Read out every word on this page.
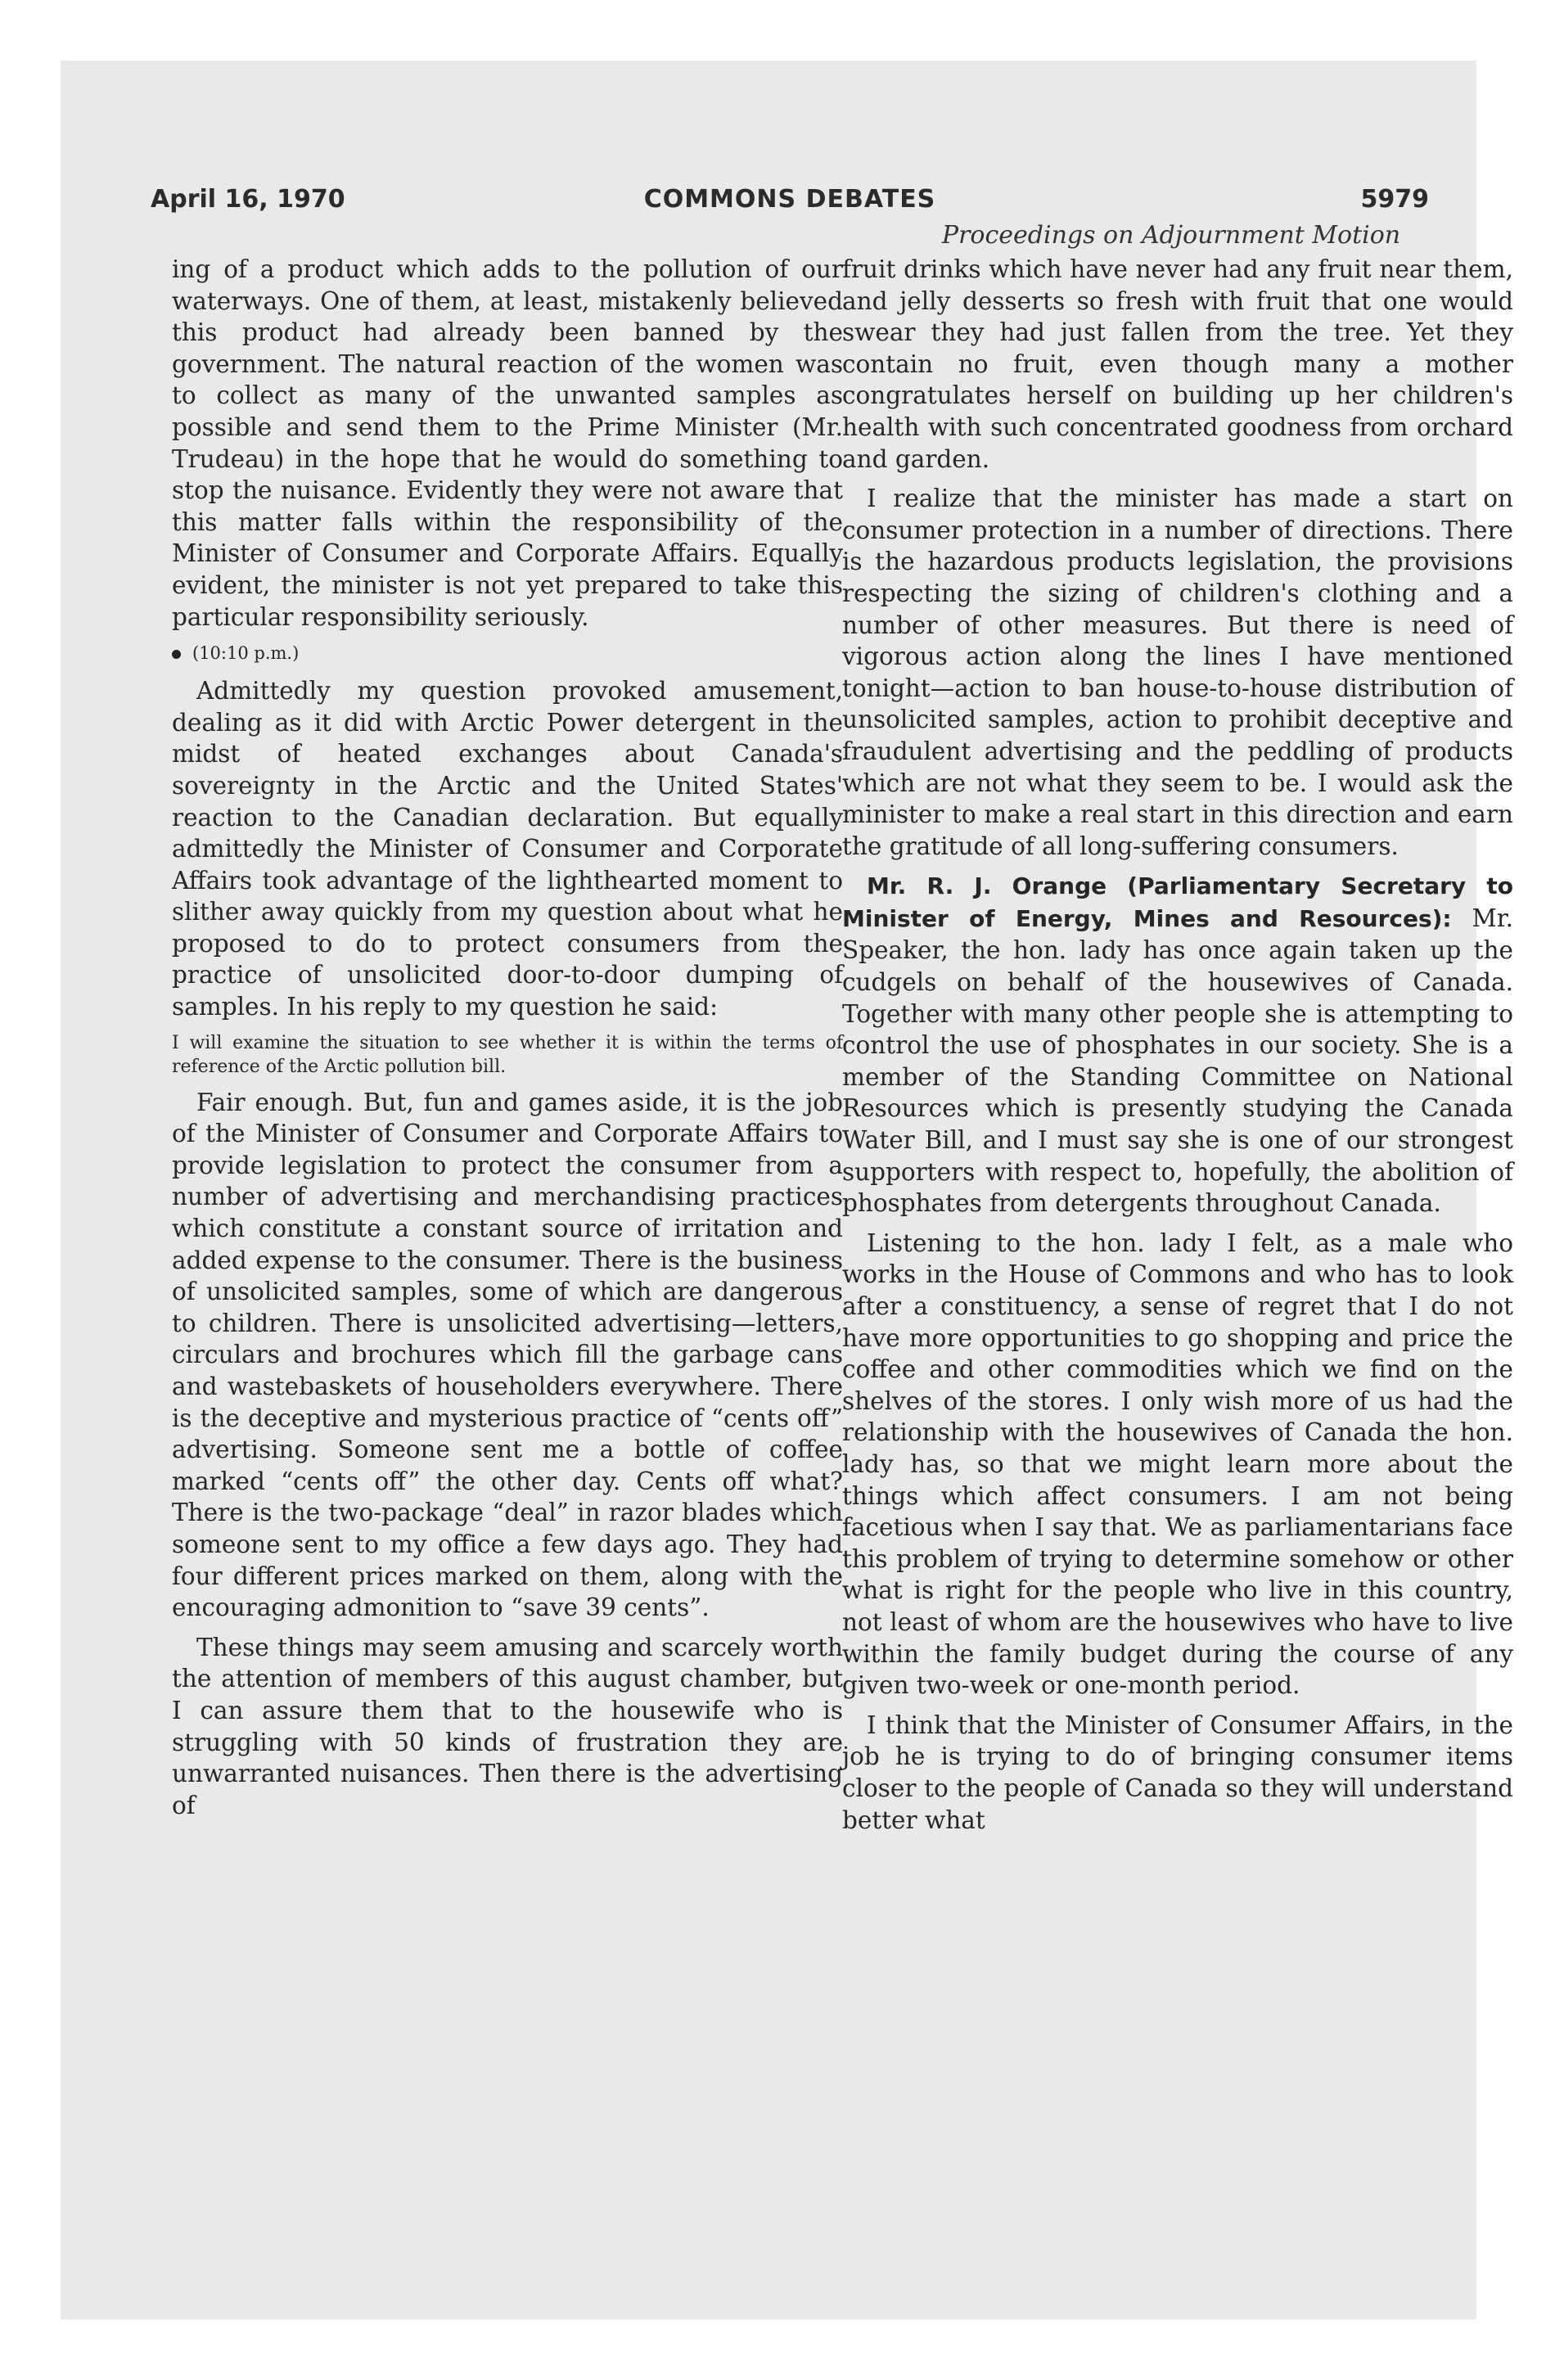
April 16, 1970	COMMONS DEBATES	5979
Proceedings on Adjournment Motion

ing of a product which adds to the pollution of our waterways. One of them, at least, mistakenly believed this product had already been banned by the government. The natural reaction of the women was to collect as many of the unwanted samples as possible and send them to the Prime Minister (Mr. Trudeau) in the hope that he would do something to stop the nuisance. Evidently they were not aware that this matter falls within the responsibility of the Minister of Consumer and Corporate Affairs. Equally evident, the minister is not yet prepared to take this particular responsibility seriously.

(10:10 p.m.)

Admittedly my question provoked amusement, dealing as it did with Arctic Power detergent in the midst of heated exchanges about Canada's sovereignty in the Arctic and the United States' reaction to the Canadian declaration. But equally admittedly the Minister of Consumer and Corporate Affairs took advantage of the lighthearted moment to slither away quickly from my question about what he proposed to do to protect consumers from the practice of unsolicited door-to-door dumping of samples. In his reply to my question he said:

I will examine the situation to see whether it is within the terms of reference of the Arctic pollution bill.

Fair enough. But, fun and games aside, it is the job of the Minister of Consumer and Corporate Affairs to provide legislation to protect the consumer from a number of advertising and merchandising practices which constitute a constant source of irritation and added expense to the consumer. There is the business of unsolicited samples, some of which are dangerous to children. There is unsolicited advertising—letters, circulars and brochures which fill the garbage cans and wastebaskets of householders everywhere. There is the deceptive and mysterious practice of “cents off” advertising. Someone sent me a bottle of coffee marked “cents off” the other day. Cents off what? There is the two-package “deal” in razor blades which someone sent to my office a few days ago. They had four different prices marked on them, along with the encouraging admonition to “save 39 cents”.

These things may seem amusing and scarcely worth the attention of members of this august chamber, but I can assure them that to the housewife who is struggling with 50 kinds of frustration they are unwarranted nuisances. Then there is the advertising of

fruit drinks which have never had any fruit near them, and jelly desserts so fresh with fruit that one would swear they had just fallen from the tree. Yet they contain no fruit, even though many a mother congratulates herself on building up her children's health with such concentrated goodness from orchard and garden.

I realize that the minister has made a start on consumer protection in a number of directions. There is the hazardous products legislation, the provisions respecting the sizing of children's clothing and a number of other measures. But there is need of vigorous action along the lines I have mentioned tonight—action to ban house-to-house distribution of unsolicited samples, action to prohibit deceptive and fraudulent advertising and the peddling of products which are not what they seem to be. I would ask the minister to make a real start in this direction and earn the gratitude of all long-suffering consumers.

Mr. R. J. Orange (Parliamentary Secretary to Minister of Energy, Mines and Resources): Mr. Speaker, the hon. lady has once again taken up the cudgels on behalf of the housewives of Canada. Together with many other people she is attempting to control the use of phosphates in our society. She is a member of the Standing Committee on National Resources which is presently studying the Canada Water Bill, and I must say she is one of our strongest supporters with respect to, hopefully, the abolition of phosphates from detergents throughout Canada.

Listening to the hon. lady I felt, as a male who works in the House of Commons and who has to look after a constituency, a sense of regret that I do not have more opportunities to go shopping and price the coffee and other commodities which we find on the shelves of the stores. I only wish more of us had the relationship with the housewives of Canada the hon. lady has, so that we might learn more about the things which affect consumers. I am not being facetious when I say that. We as parliamentarians face this problem of trying to determine somehow or other what is right for the people who live in this country, not least of whom are the housewives who have to live within the family budget during the course of any given two-week or one-month period.

I think that the Minister of Consumer Affairs, in the job he is trying to do of bringing consumer items closer to the people of Canada so they will understand better what
